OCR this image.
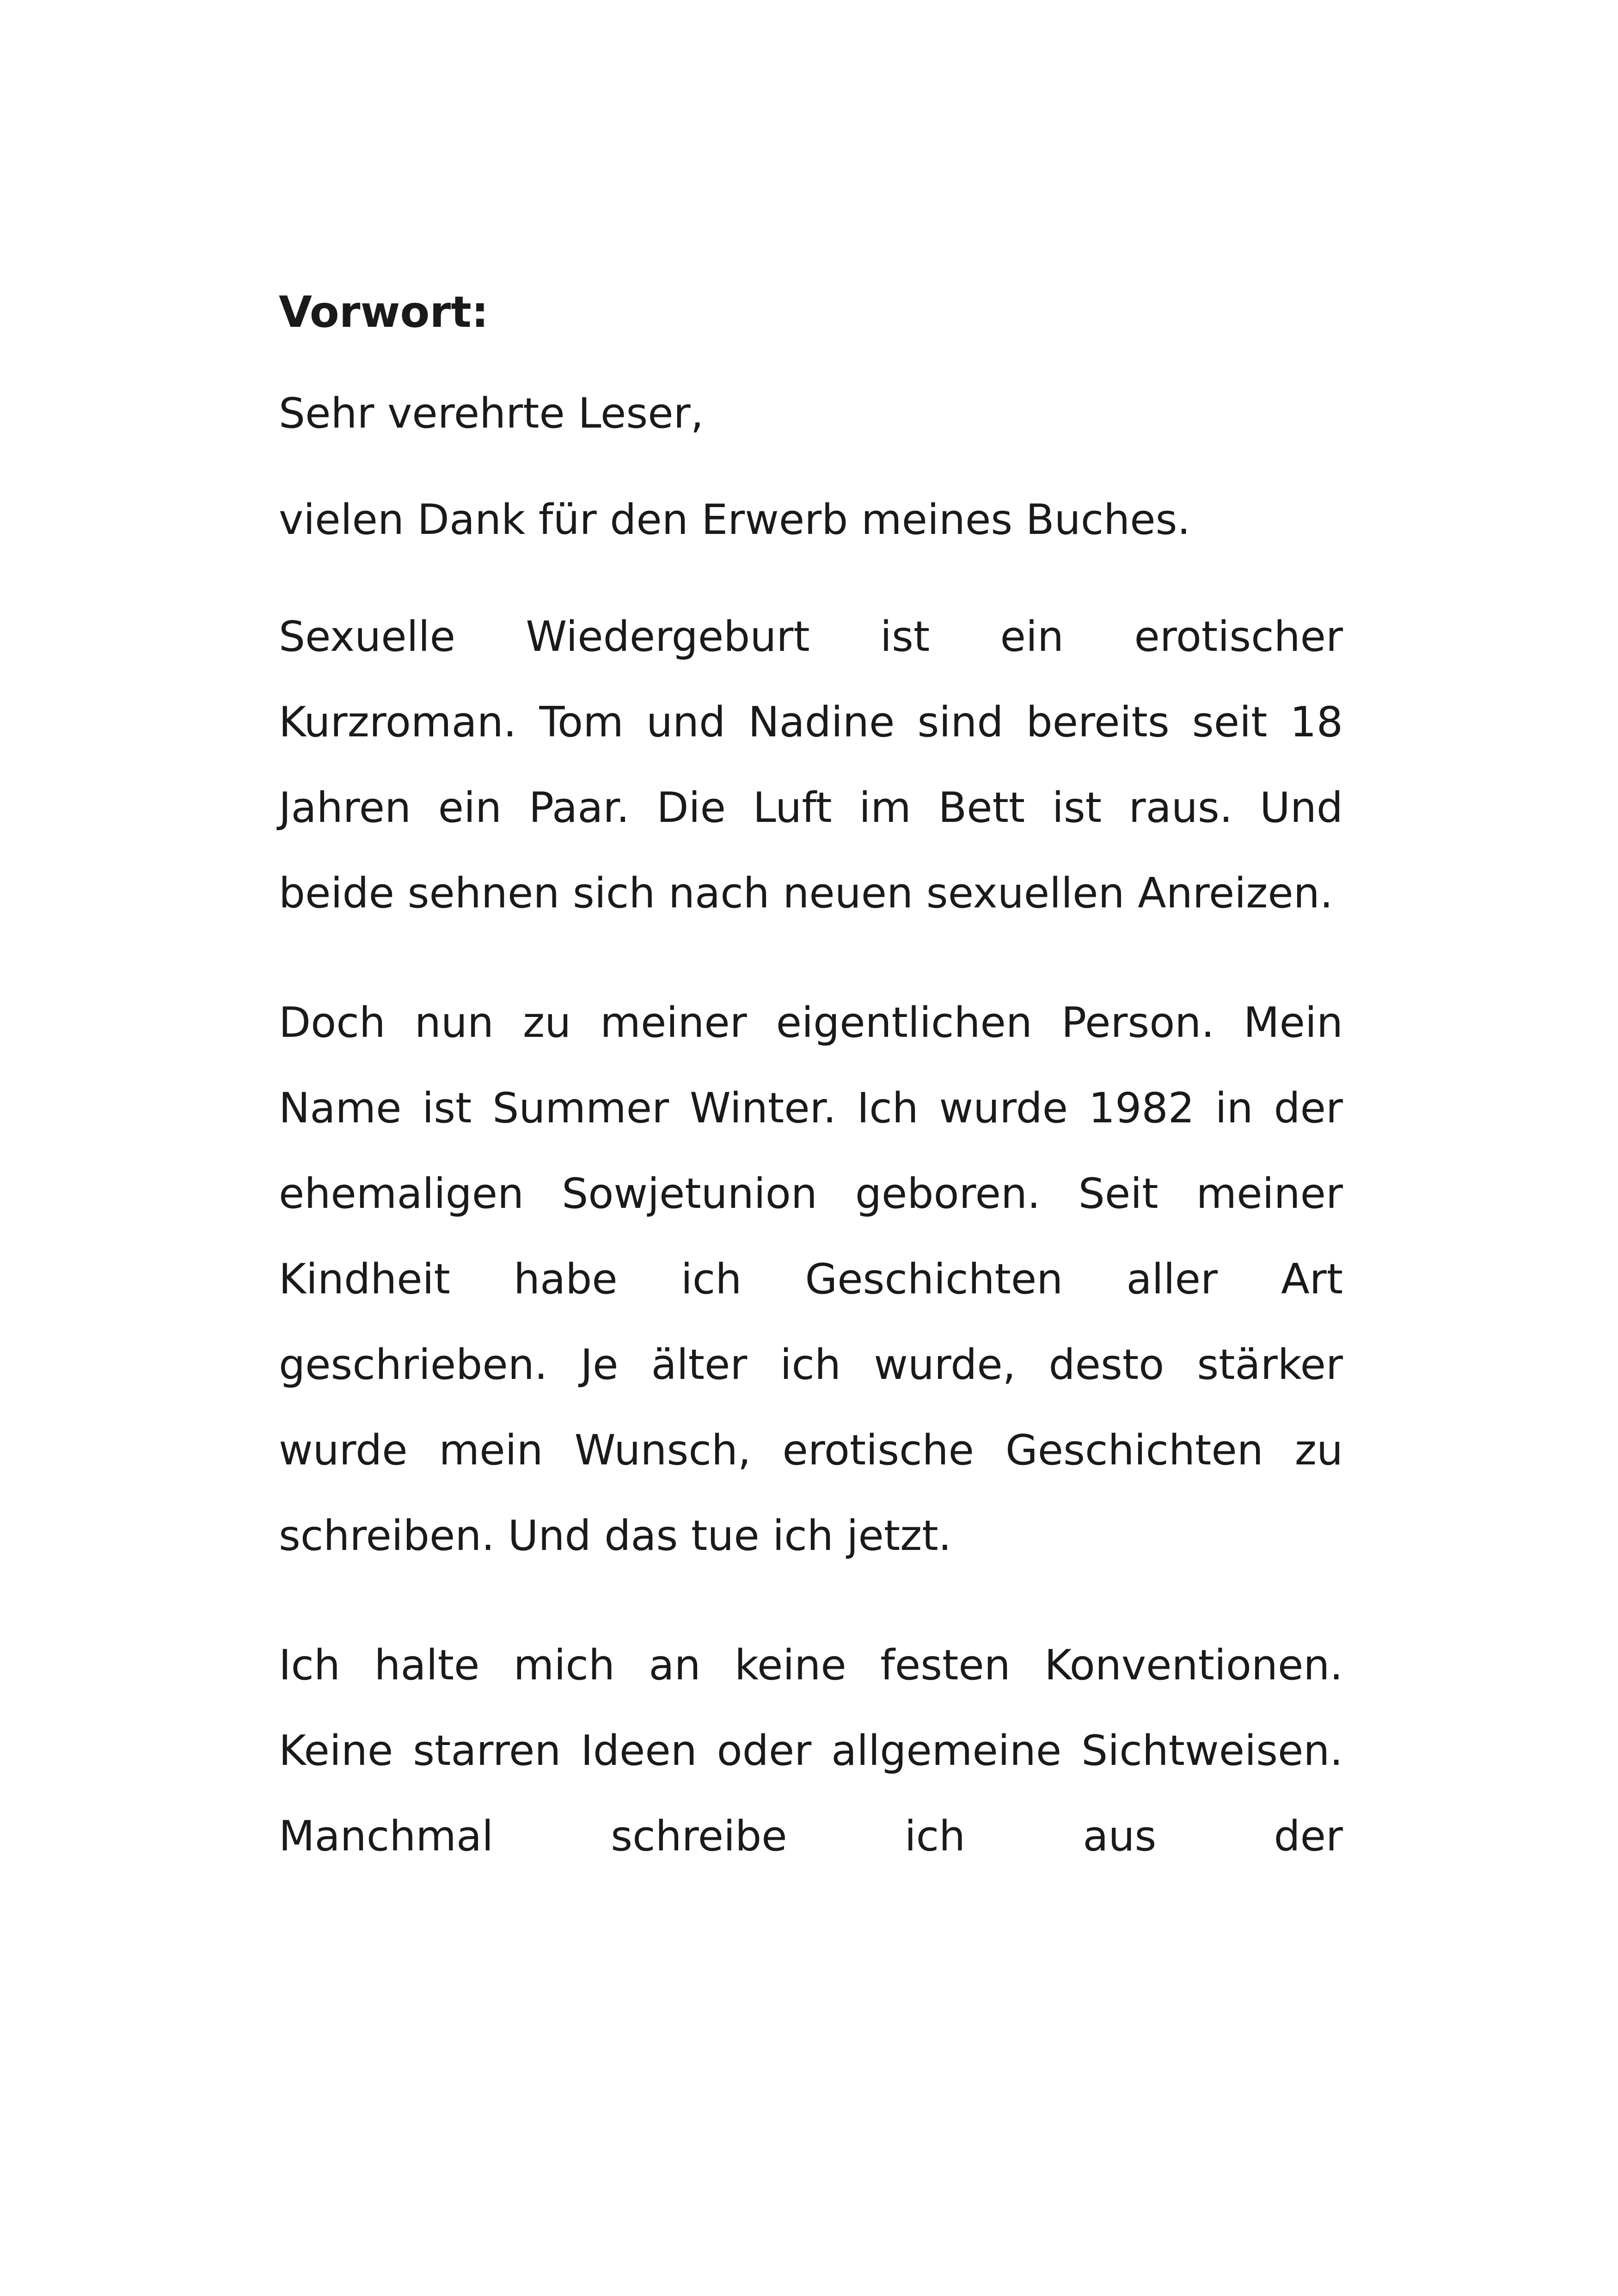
Vorwort:

Sehr verehrte Leser,

vielen Dank für den Erwerb meines Buches.

Sexuelle Wiedergeburt ist ein erotischer Kurzroman. Tom und Nadine sind bereits seit 18 Jahren ein Paar. Die Luft im Bett ist raus. Und beide sehnen sich nach neuen sexuellen Anreizen.

Doch nun zu meiner eigentlichen Person. Mein Name ist Summer Winter. Ich wurde 1982 in der ehemaligen Sowjetunion geboren. Seit meiner Kindheit habe ich Geschichten aller Art geschrieben. Je älter ich wurde, desto stärker wurde mein Wunsch, erotische Geschichten zu schreiben. Und das tue ich jetzt.

Ich halte mich an keine festen Konventionen. Keine starren Ideen oder allgemeine Sichtweisen. Manchmal schreibe ich aus der
